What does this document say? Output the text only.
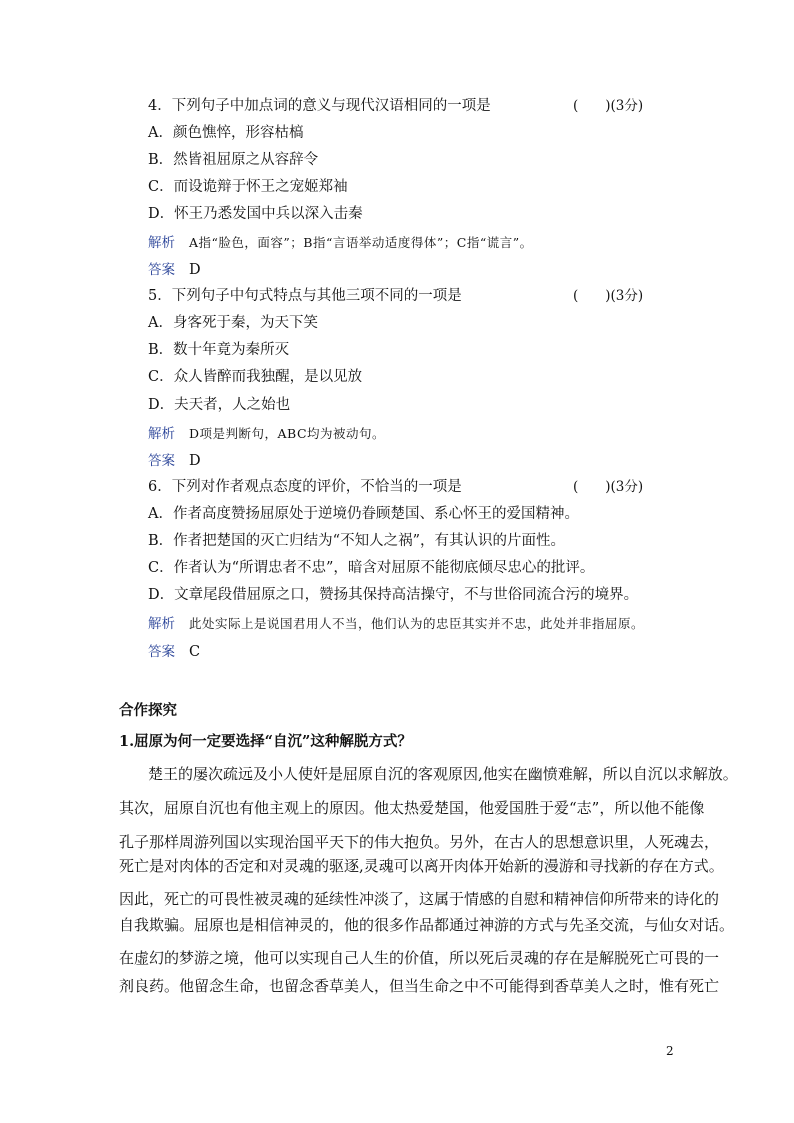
4．下列句子中加点词的意义与现代汉语相同的一项是	(　　)(3分)
A．颜色憔悴，形容枯槁
B．然皆祖屈原之从容辞令
C．而设诡辩于怀王之宠姬郑袖
D．怀王乃悉发国中兵以深入击秦
解析 A指“脸色，面容”；B指“言语举动适度得体”；C指“谎言”。
答案 D
5．下列句子中句式特点与其他三项不同的一项是	(　　)(3分)
A．身客死于秦，为天下笑
B．数十年竟为秦所灭
C．众人皆醉而我独醒，是以见放
D．夫天者，人之始也
解析 D项是判断句，ABC均为被动句。
答案 D
6．下列对作者观点态度的评价，不恰当的一项是	(　　)(3分)
A．作者高度赞扬屈原处于逆境仍眷顾楚国、系心怀王的爱国精神。
B．作者把楚国的灭亡归结为“不知人之祸”，有其认识的片面性。
C．作者认为“所谓忠者不忠”，暗含对屈原不能彻底倾尽忠心的批评。
D．文章尾段借屈原之口，赞扬其保持高洁操守，不与世俗同流合污的境界。
解析 此处实际上是说国君用人不当，他们认为的忠臣其实并不忠，此处并非指屈原。
答案 C
合作探究
1.屈原为何一定要选择“自沉”这种解脱方式？
楚王的屡次疏远及小人使奸是屈原自沉的客观原因,他实在幽愤难解，所以自沉以求解放。
其次，屈原自沉也有他主观上的原因。他太热爱楚国，他爱国胜于爱“志”，所以他不能像
孔子那样周游列国以实现治国平天下的伟大抱负。另外，在古人的思想意识里，人死魂去，
死亡是对肉体的否定和对灵魂的驱逐,灵魂可以离开肉体开始新的漫游和寻找新的存在方式。
因此，死亡的可畏性被灵魂的延续性冲淡了，这属于情感的自慰和精神信仰所带来的诗化的
自我欺骗。屈原也是相信神灵的，他的很多作品都通过神游的方式与先圣交流，与仙女对话。
在虚幻的梦游之境，他可以实现自己人生的价值，所以死后灵魂的存在是解脱死亡可畏的一
剂良药。他留念生命，也留念香草美人，但当生命之中不可能得到香草美人之时，惟有死亡
2
